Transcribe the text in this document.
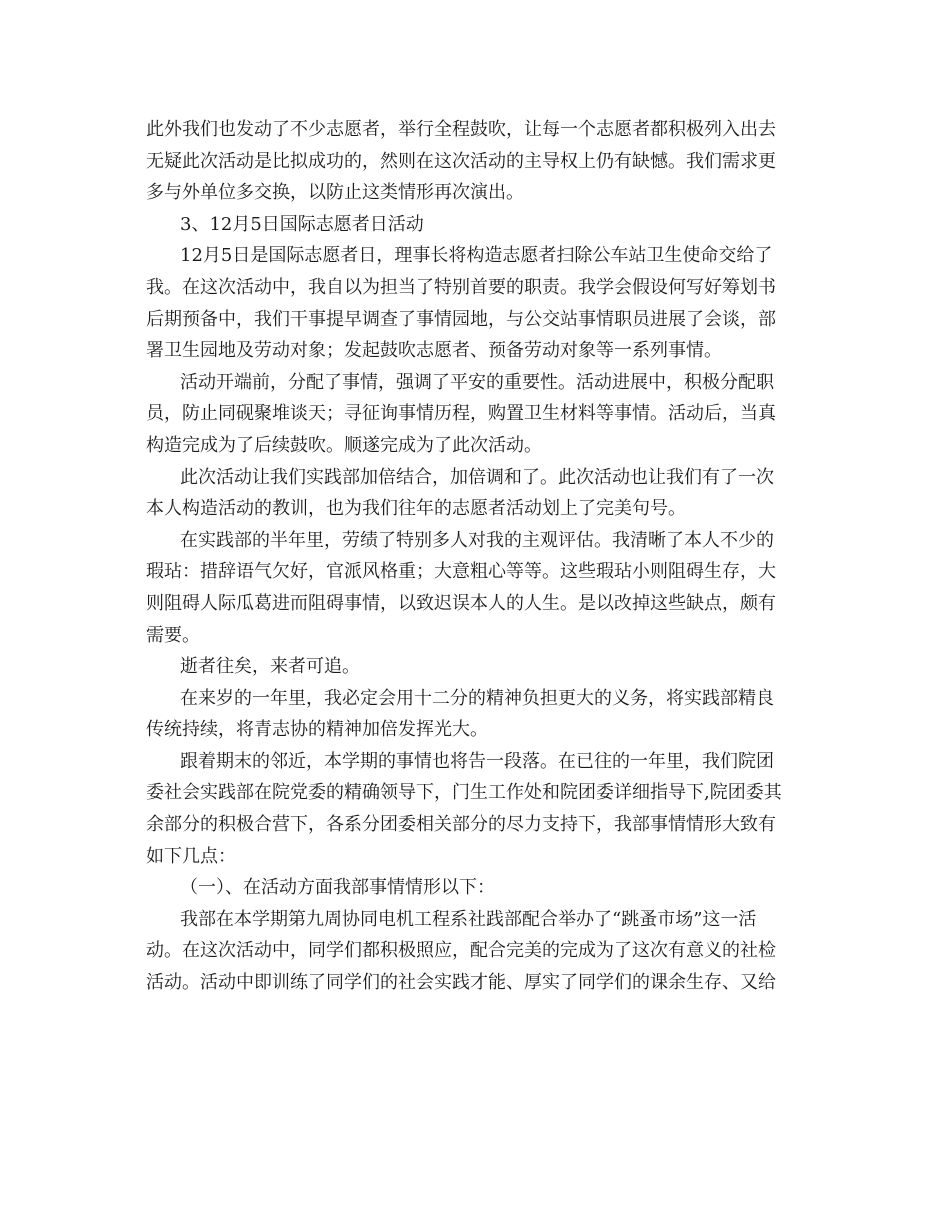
此外我们也发动了不少志愿者，举行全程鼓吹，让每一个志愿者都积极列入出去
无疑此次活动是比拟成功的，然则在这次活动的主导权上仍有缺憾。我们需求更
多与外单位多交换，以防止这类情形再次演出。
3、12月5日国际志愿者日活动
12月5日是国际志愿者日，理事长将构造志愿者扫除公车站卫生使命交给了
我。在这次活动中，我自以为担当了特别首要的职责。我学会假设何写好筹划书
后期预备中，我们干事提早调查了事情园地，与公交站事情职员进展了会谈，部
署卫生园地及劳动对象；发起鼓吹志愿者、预备劳动对象等一系列事情。
活动开端前，分配了事情，强调了平安的重要性。活动进展中，积极分配职
员，防止同砚聚堆谈天；寻征询事情历程，购置卫生材料等事情。活动后，当真
构造完成为了后续鼓吹。顺遂完成为了此次活动。
此次活动让我们实践部加倍结合，加倍调和了。此次活动也让我们有了一次
本人构造活动的教训，也为我们往年的志愿者活动划上了完美句号。
在实践部的半年里，劳绩了特别多人对我的主观评估。我清晰了本人不少的
瑕玷：措辞语气欠好，官派风格重；大意粗心等等。这些瑕玷小则阻碍生存，大
则阻碍人际瓜葛进而阻碍事情，以致迟误本人的人生。是以改掉这些缺点，颇有
需要。
逝者往矣，来者可追。
在来岁的一年里，我必定会用十二分的精神负担更大的义务，将实践部精良
传统持续，将青志协的精神加倍发挥光大。
跟着期末的邻近，本学期的事情也将告一段落。在已往的一年里，我们院团
委社会实践部在院党委的精确领导下，门生工作处和院团委详细指导下,院团委其
余部分的积极合营下，各系分团委相关部分的尽力支持下，我部事情情形大致有
如下几点：
（一）、在活动方面我部事情情形以下：
我部在本学期第九周协同电机工程系社践部配合举办了“跳蚤市场”这一活
动。在这次活动中，同学们都积极照应，配合完美的完成为了这次有意义的社检
活动。活动中即训练了同学们的社会实践才能、厚实了同学们的课余生存、又给
